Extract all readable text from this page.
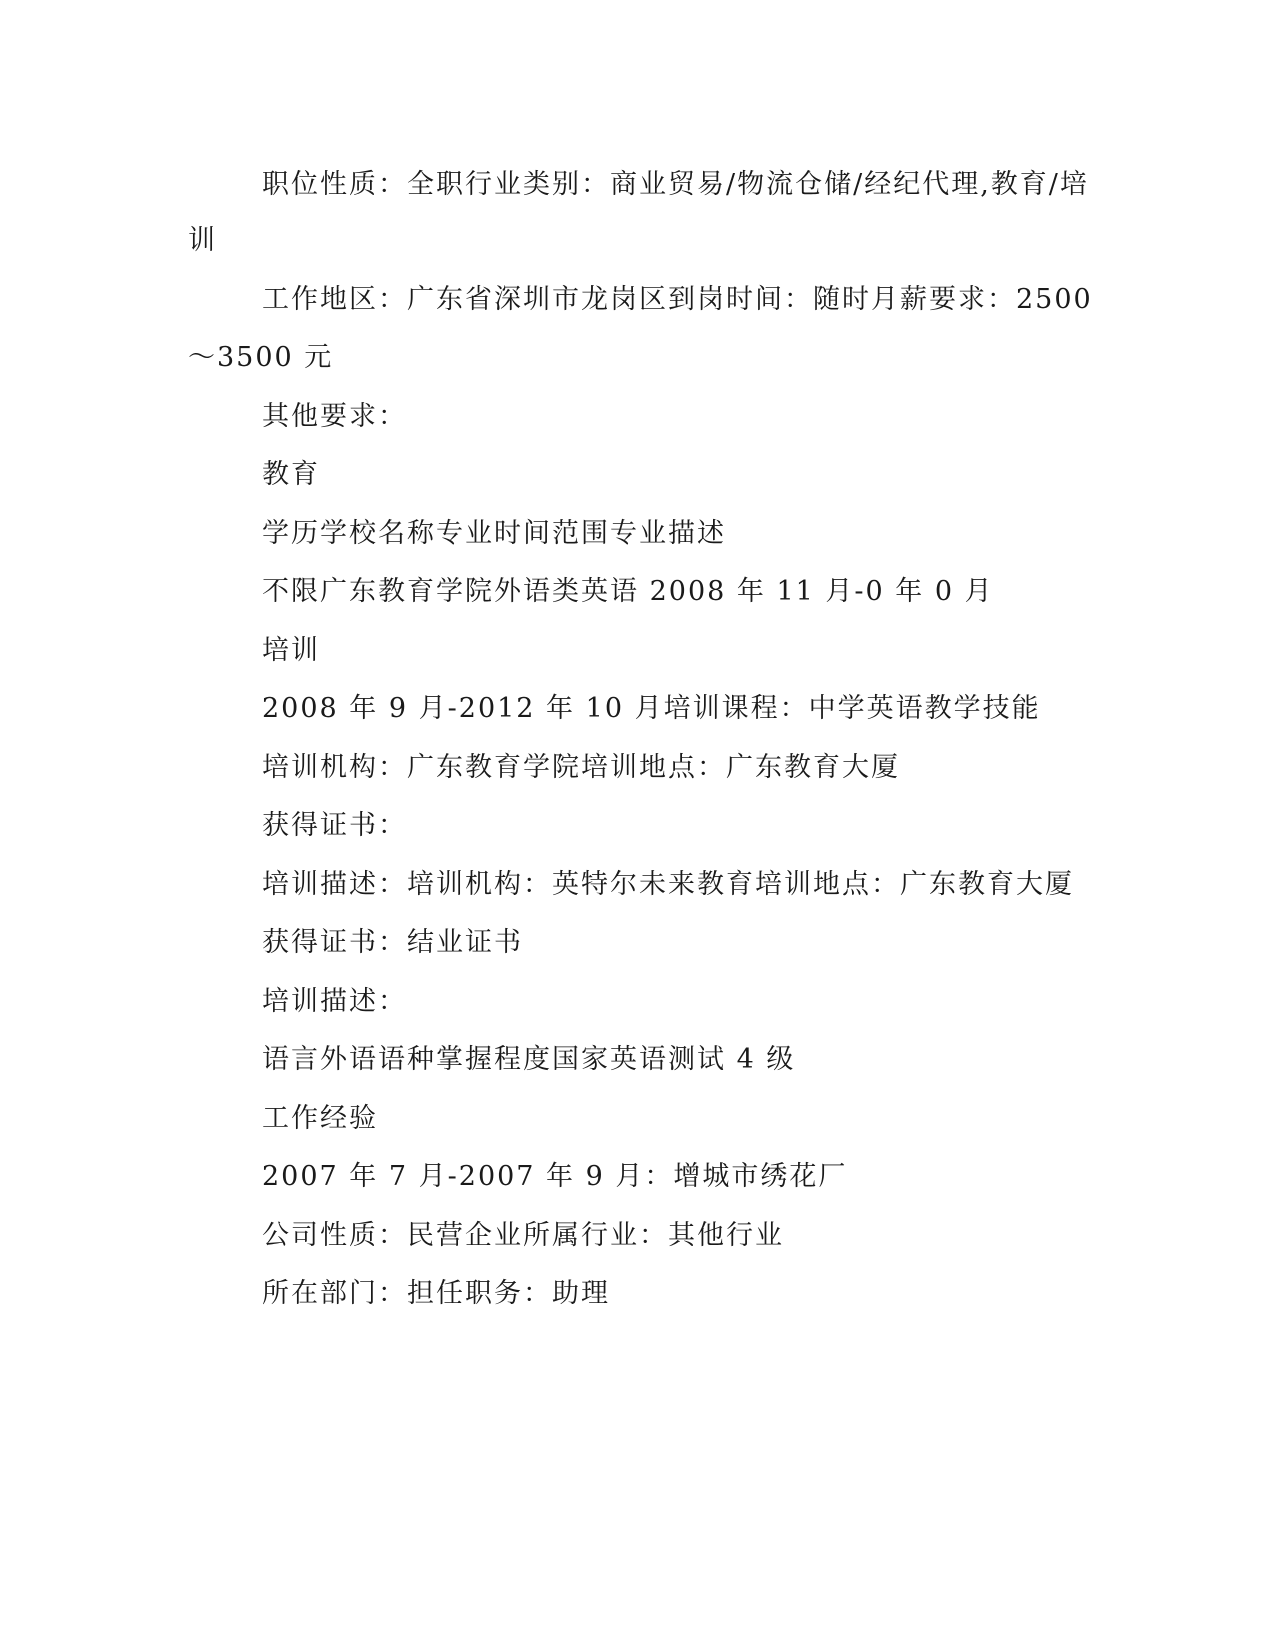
职位性质：全职行业类别：商业贸易/物流仓储/经纪代理,教育/培
训
工作地区：广东省深圳市龙岗区到岗时间：随时月薪要求：2500
～3500 元
其他要求：
教育
学历学校名称专业时间范围专业描述
不限广东教育学院外语类英语 2008 年 11 月-0 年 0 月
培训
2008 年 9 月-2012 年 10 月培训课程：中学英语教学技能
培训机构：广东教育学院培训地点：广东教育大厦
获得证书：
培训描述：培训机构：英特尔未来教育培训地点：广东教育大厦
获得证书：结业证书
培训描述：
语言外语语种掌握程度国家英语测试 4 级
工作经验
2007 年 7 月-2007 年 9 月：增城市绣花厂
公司性质：民营企业所属行业：其他行业
所在部门：担任职务：助理
